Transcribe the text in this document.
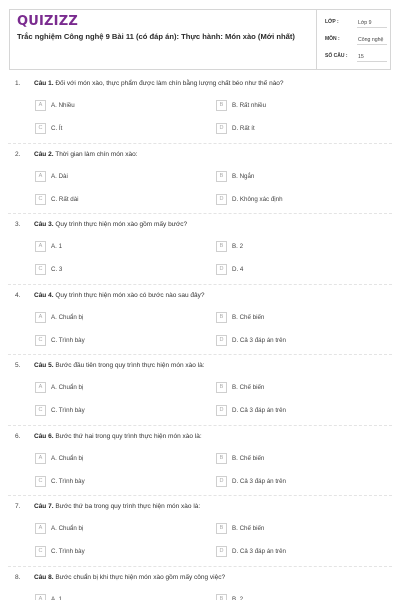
QUIZIZZ
Trắc nghiệm Công nghệ 9 Bài 11 (có đáp án): Thực hành: Món xào (Mới nhất)
LỚP :	Lớp 9
MÔN :	Công nghệ
SỐ CÂU : 15
1. Câu 1. Đối với món xào, thực phẩm được làm chín bằng lượng chất béo như thế nào?
A	A. Nhiều	B	B. Rất nhiều
C	C. Ít	D	D. Rất ít
2. Câu 2. Thời gian làm chín món xào:
A	A. Dài	B	B. Ngắn
C	C. Rất dài	D	D. Không xác định
3. Câu 3. Quy trình thực hiện món xào gồm mấy bước?
A	A. 1	B	B. 2
C	C. 3	D	D. 4
4. Câu 4. Quy trình thực hiện món xào có bước nào sau đây?
A	A. Chuẩn bị	B	B. Chế biến
C	C. Trình bày	D	D. Cả 3 đáp án trên
5. Câu 5. Bước đầu tiên trong quy trình thực hiện món xào là:
A	A. Chuẩn bị	B	B. Chế biến
C	C. Trình bày	D	D. Cả 3 đáp án trên
6. Câu 6. Bước thứ hai trong quy trình thực hiện món xào là:
A	A. Chuẩn bị	B	B. Chế biến
C	C. Trình bày	D	D. Cả 3 đáp án trên
7. Câu 7. Bước thứ ba trong quy trình thực hiện món xào là:
A	A. Chuẩn bị	B	B. Chế biến
C	C. Trình bày	D	D. Cả 3 đáp án trên
8. Câu 8. Bước chuẩn bị khi thực hiện món xào gồm mấy công việc?
A	A. 1	B	B. 2
